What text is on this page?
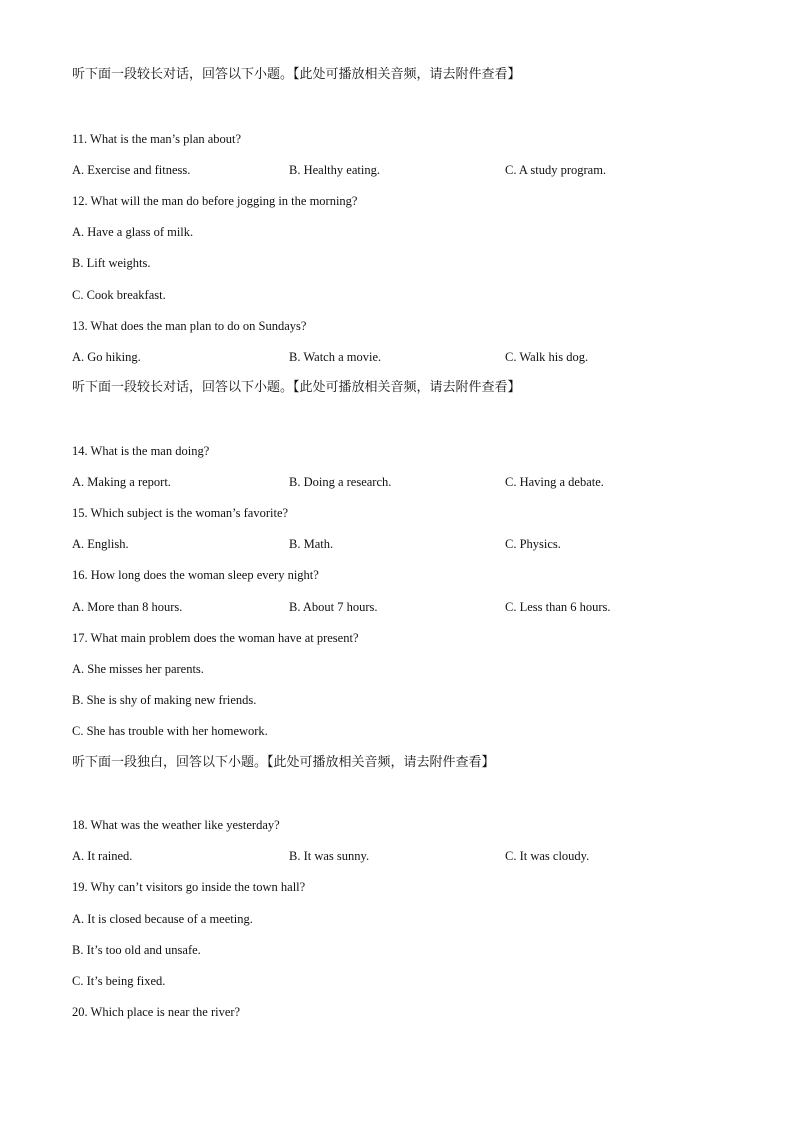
听下面一段较长对话，回答以下小题。【此处可播放相关音频，请去附件查看】
11. What is the man’s plan about?
A. Exercise and fitness.	B. Healthy eating.	C. A study program.
12. What will the man do before jogging in the morning?
A. Have a glass of milk.
B. Lift weights.
C. Cook breakfast.
13. What does the man plan to do on Sundays?
A. Go hiking.	B. Watch a movie.	C. Walk his dog.
听下面一段较长对话，回答以下小题。【此处可播放相关音频，请去附件查看】
14. What is the man doing?
A. Making a report.	B. Doing a research.	C. Having a debate.
15. Which subject is the woman’s favorite?
A. English.	B. Math.	C. Physics.
16. How long does the woman sleep every night?
A. More than 8 hours.	B. About 7 hours.	C. Less than 6 hours.
17. What main problem does the woman have at present?
A. She misses her parents.
B. She is shy of making new friends.
C. She has trouble with her homework.
听下面一段独白，回答以下小题。【此处可播放相关音频，请去附件查看】
18. What was the weather like yesterday?
A. It rained.	B. It was sunny.	C. It was cloudy.
19. Why can’t visitors go inside the town hall?
A. It is closed because of a meeting.
B. It’s too old and unsafe.
C. It’s being fixed.
20. Which place is near the river?
